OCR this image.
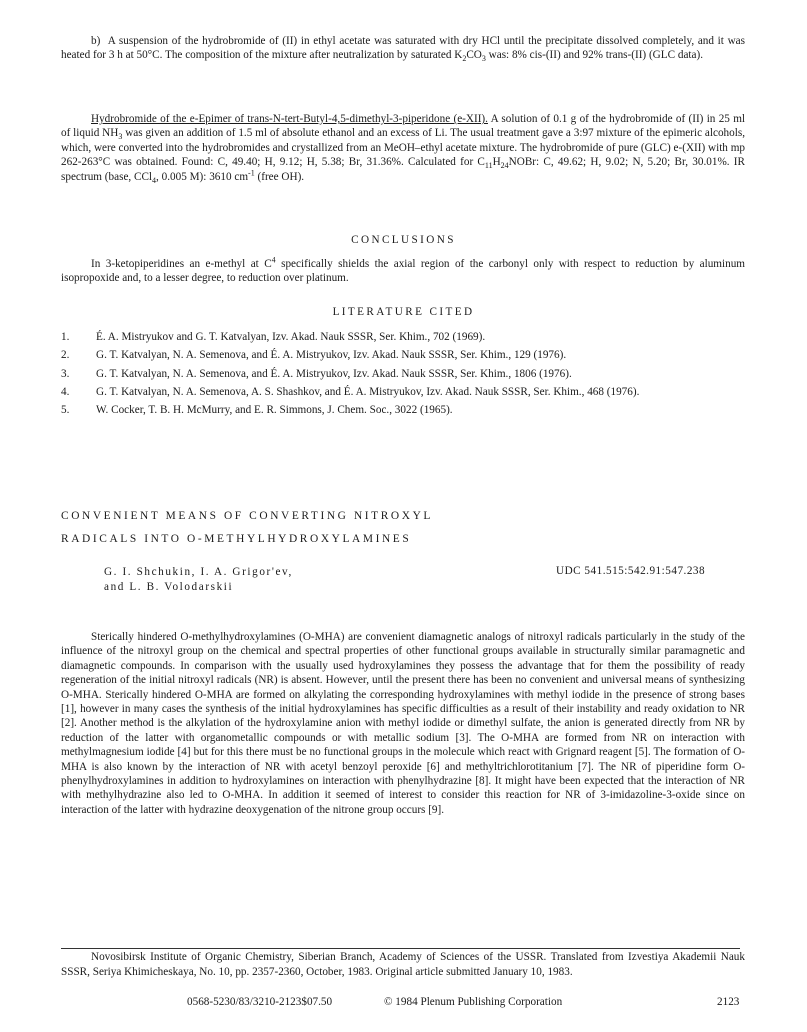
b) A suspension of the hydrobromide of (II) in ethyl acetate was saturated with dry HCl until the precipitate dissolved completely, and it was heated for 3 h at 50°C. The composition of the mixture after neutralization by saturated $K_2CO_3$ was: 8% cis-(II) and 92% trans-(II) (GLC data).

Hydrobromide of the e-Epimer of trans-N-tert-Butyl-4,5-dimethyl-3-piperidone (e-XII). A solution of 0.1 g of the hydrobromide of (II) in 25 ml of liquid $NH_3$ was given an addition of 1.5 ml of absolute ethanol and an excess of Li. The usual treatment gave a 3:97 mixture of the epimeric alcohols, which, were converted into the hydrobromides and crystallized from an MeOH–ethyl acetate mixture. The hydrobromide of pure (GLC) e-(XII) with mp 262-263°C was obtained. Found: C, 49.40; H, 9.12; H, 5.38; Br, 31.36%. Calculated for $C_{11}H_{24}NOBr$: C, 49.62; H, 9.02; N, 5.20; Br, 30.01%. IR spectrum (base, CCl$_4$, 0.005 M): 3610 $cm^{-1}$ (free OH).

CONCLUSIONS

In 3-ketopiperidines an e-methyl at $C^4$ specifically shields the axial region of the carbonyl only with respect to reduction by aluminum isopropoxide and, to a lesser degree, to reduction over platinum.

LITERATURE CITED
1.	É. A. Mistryukov and G. T. Katvalyan, Izv. Akad. Nauk SSSR, Ser. Khim., 702 (1969).
2.	G. T. Katvalyan, N. A. Semenova, and É. A. Mistryukov, Izv. Akad. Nauk SSSR, Ser. Khim., 129 (1976).
3.	G. T. Katvalyan, N. A. Semenova, and É. A. Mistryukov, Izv. Akad. Nauk SSSR, Ser. Khim., 1806 (1976).
4.	G. T. Katvalyan, N. A. Semenova, A. S. Shashkov, and É. A. Mistryukov, Izv. Akad. Nauk SSSR, Ser. Khim., 468 (1976).
5.	W. Cocker, T. B. H. McMurry, and E. R. Simmons, J. Chem. Soc., 3022 (1965).
CONVENIENT MEANS OF CONVERTING NITROXYL
RADICALS INTO O-METHYLHYDROXYLAMINES
G. I. Shchukin, I. A. Grigor'ev,
and L. B. Volodarskii
UDC 541.515:542.91:547.238

Sterically hindered O-methylhydroxylamines (O-MHA) are convenient diamagnetic analogs of nitroxyl radicals particularly in the study of the influence of the nitroxyl group on the chemical and spectral properties of other functional groups available in structurally similar paramagnetic and diamagnetic compounds. In comparison with the usually used hydroxylamines they possess the advantage that for them the possibility of ready regeneration of the initial nitroxyl radicals (NR) is absent. However, until the present there has been no convenient and universal means of synthesizing O-MHA. Sterically hindered O-MHA are formed on alkylating the corresponding hydroxylamines with methyl iodide in the presence of strong bases [1], however in many cases the synthesis of the initial hydroxylamines has specific difficulties as a result of their instability and ready oxidation to NR [2]. Another method is the alkylation of the hydroxylamine anion with methyl iodide or dimethyl sulfate, the anion is generated directly from NR by reduction of the latter with organometallic compounds or with metallic sodium [3]. The O-MHA are formed from NR on interaction with methylmagnesium iodide [4] but for this there must be no functional groups in the molecule which react with Grignard reagent [5]. The formation of O-MHA is also known by the interaction of NR with acetyl benzoyl peroxide [6] and methyltrichlorotitanium [7]. The NR of piperidine form O-phenylhydroxylamines in addition to hydroxylamines on interaction with phenylhydrazine [8]. It might have been expected that the interaction of NR with methylhydrazine also led to O-MHA. In addition it seemed of interest to consider this reaction for NR of 3-imidazoline-3-oxide since on interaction of the latter with hydrazine deoxygenation of the nitrone group occurs [9].

Novosibirsk Institute of Organic Chemistry, Siberian Branch, Academy of Sciences of the USSR. Translated from Izvestiya Akademii Nauk SSSR, Seriya Khimicheskaya, No. 10, pp. 2357-2360, October, 1983. Original article submitted January 10, 1983.

0568-5230/83/3210-2123$07.50	© 1984 Plenum Publishing Corporation	2123
